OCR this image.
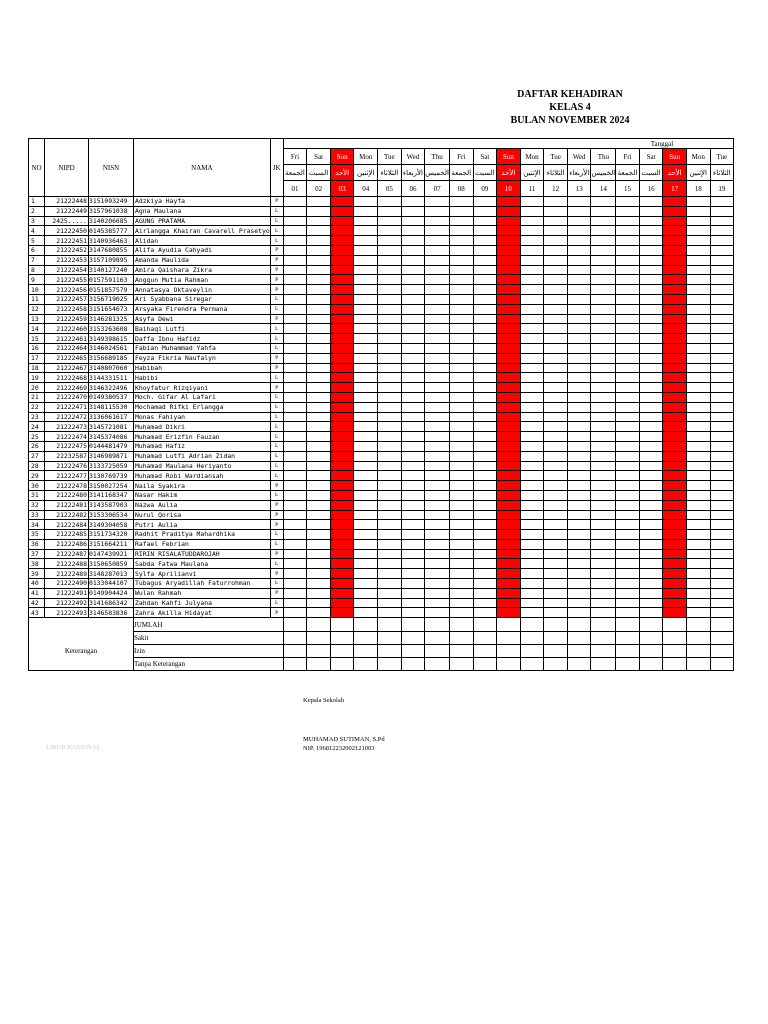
DAFTAR KEHADIRAN
KELAS 4
BULAN NOVEMBER 2024
NO	NIPD	NISN	NAMA	JK	Tanggal																		
					Fri	Sat	Sun	Mon	Tue	Wed	Thu	Fri	Sat	Sun	Mon	Tue	Wed	Thu	Fri	Sat	Sun	Mon	Tue
					الجمعة	السبت	الأحد	الإثنين	الثلاثاء	الأربعاء	الخميس	الجمعة	السبت	الأحد	الإثنين	الثلاثاء	الأربعاء	الخميس	الجمعة	السبت	الأحد	الإثنين	الثلاثاء
					01	02	03	04	05	06	07	08	09	10	11	12	13	14	15	16	17	18	19
1	21222448	3151093249	Adzkiya Hayfa	P																			
2	21222449	3157961038	Agna Maulana	L																			
3	2425.....	3140206685	AGUNG PRATAMA	L																			
4	21222450	0145385777	Airlangga Khairan Cavarell Prasetyo	L																			
5	21222451	3140936463	Alidan	L																			
6	21222452	3147680855	Alifa Ayudia Cahyadi	P																			
7	21222453	3157109895	Amanda Maulida	P																			
8	21222454	3140127240	Amira Qaishara Zikra	P																			
9	21222455	0157591163	Anggun Mutia Rahman	P																			
10	21222456	0151857579	Annatasya Oktaveylin	P																			
11	21222457	3156719025	Ari Syabbana Siregar	L																			
12	21222458	3151654673	Arsyaka Firendra Permana	L																			
13	21222459	3146281325	Asyfa Dewi	P																			
14	21222460	3153263608	Baihaqi Lutfi	L																			
15	21222461	3149398615	Daffa Ibnu Hafidz	L																			
16	21222464	3146024561	Fabian Muhammad Yahfa	L																			
17	21222465	3156689185	Feyza Fikria Naufalyn	P																			
18	21222467	3140807060	Habibah	P																			
19	21222468	3144331511	Habibi	L																			
20	21222469	3146322496	Khoyfatur Rizqiyani	P																			
21	21222470	0149380537	Moch. Gifar Al Lafari	L																			
22	21222471	3148115530	Mochamad Rifki Erlangga	L																			
23	21222472	3136061617	Monas Fahiyan	L																			
24	21222473	3145721081	Muhamad Dikri	L																			
25	21222474	3145374086	Muhamad Erizfin Fauzan	L																			
26	21222475	0144481479	Muhamad Hafiz	L																			
27	22232587	3146989871	Muhamad Lutfi Adrian Zidan	L																			
28	21222476	3133725059	Muhamad Maulana Heriyanto	L																			
29	21222477	3130769739	Muhamad Robi Wardiansah	L																			
30	21222478	3150027254	Naila Syakira	P																			
31	21222480	3141168347	Nasar Hakim	L																			
32	21222481	3143587903	Nazwa Aulia	P																			
33	21222482	3153306534	Nurul Qorisa	P																			
34	21222484	3149304058	Putri Aulia	P																			
35	21222485	3151734320	Radhit Praditya Mahardhika	L																			
36	21222486	3151664211	Rafael Febrian	L																			
37	21222487	0147439921	RIRIN RISALATUDDAROJAH	P																			
38	21222488	3150650859	Sabda Fatwa Maulana	L																			
39	21222489	3148287013	Sylfa Aprilianvi	P																			
40	21222490	0133044107	Tubagus Aryadillah Faturrohman	L																			
41	21222491	0149904424	Wulan Rahmah	P																			
42	21222492	3141686342	Zahdan Kahfi Julyana	L																			
43	21222493	3146583836	Zahra Akilla Hidayat	P																			
			JUMLAH																				
Keterangan			Sakit																				
			Izin																				
			Tanpa Keterangan																				
LIBUR NASIONAL
Kepala Sekolah
MUHAMAD SUTIMAN, S.Pd
NIP. 196812232002121003
